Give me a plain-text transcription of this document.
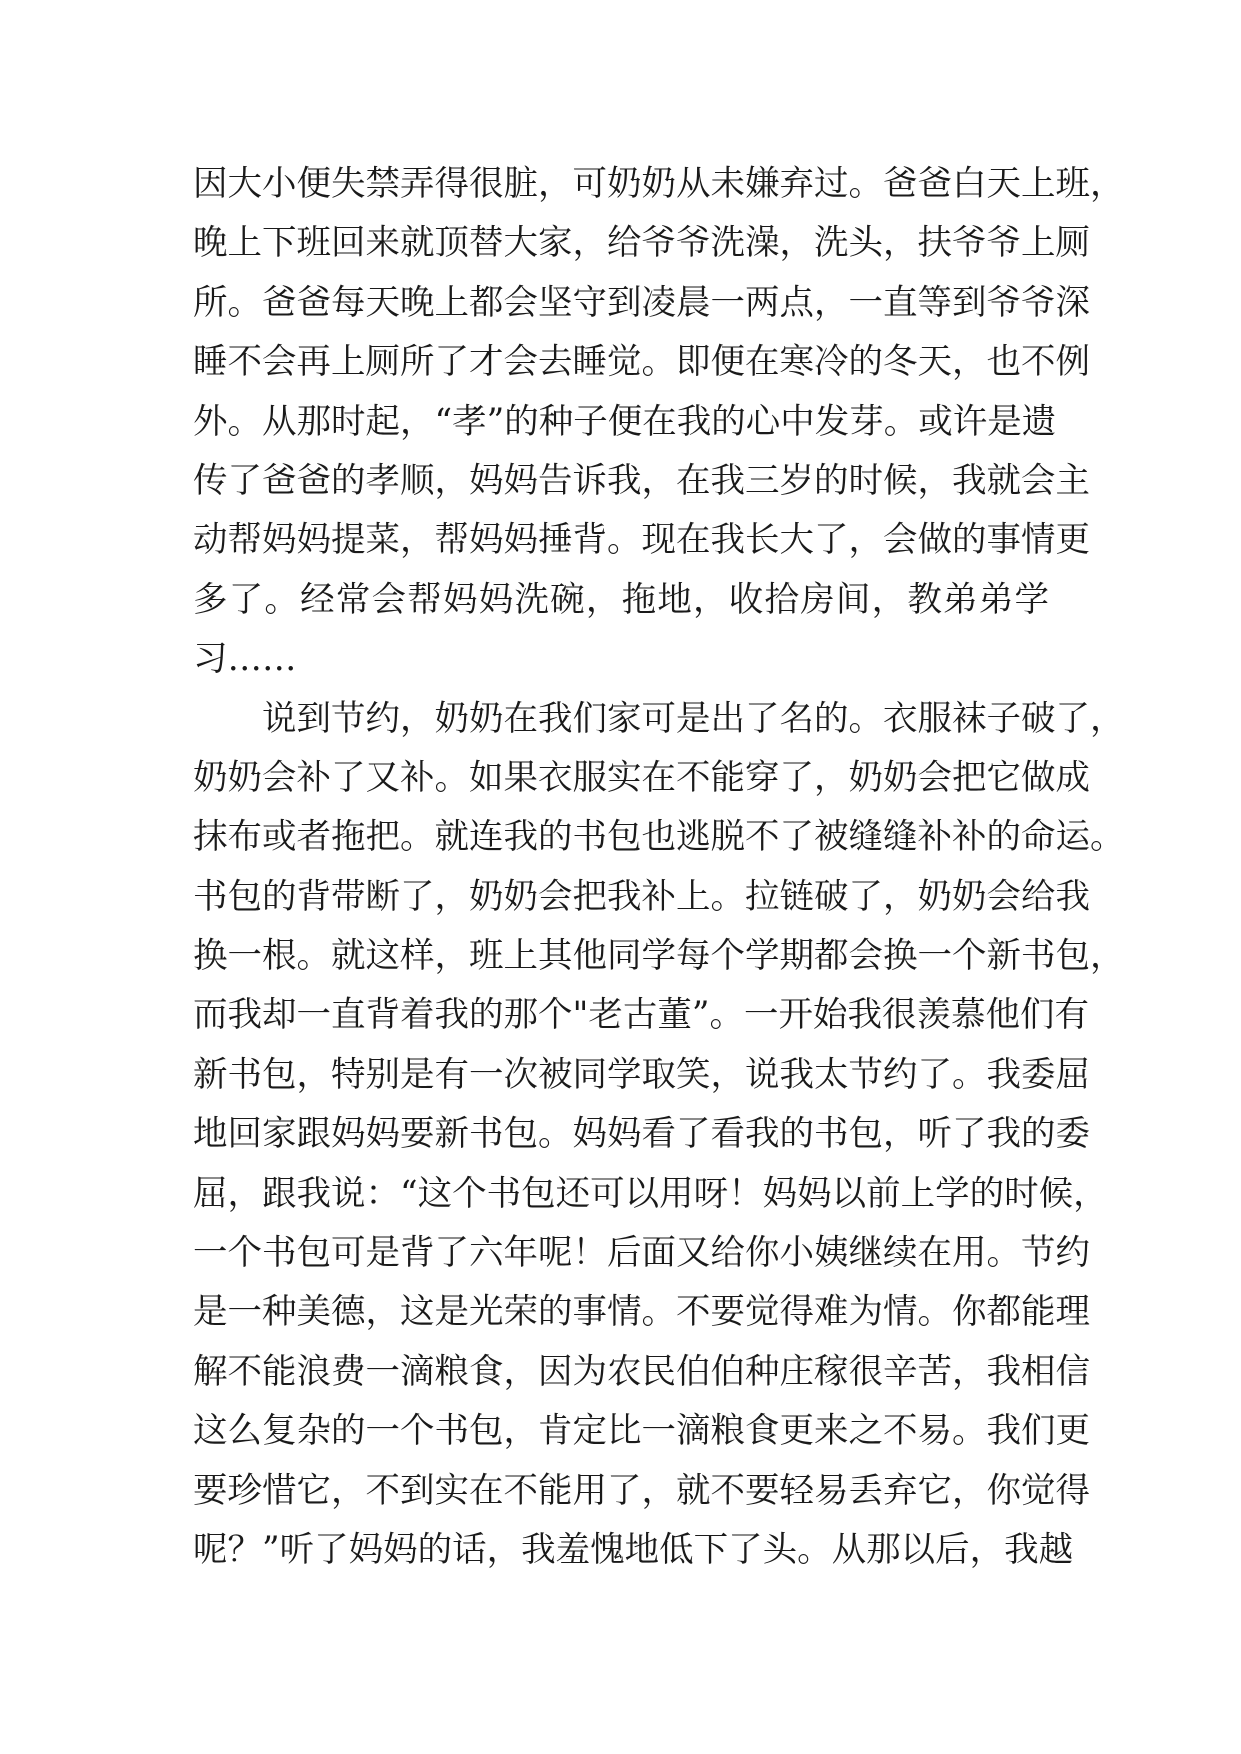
因大小便失禁弄得很脏，可奶奶从未嫌弃过。爸爸白天上班，
晚上下班回来就顶替大家，给爷爷洗澡，洗头，扶爷爷上厕
所。爸爸每天晚上都会坚守到凌晨一两点，一直等到爷爷深
睡不会再上厕所了才会去睡觉。即便在寒冷的冬天，也不例
外。从那时起，“孝”的种子便在我的心中发芽。或许是遗
传了爸爸的孝顺，妈妈告诉我，在我三岁的时候，我就会主
动帮妈妈提菜，帮妈妈捶背。现在我长大了，会做的事情更
多了。经常会帮妈妈洗碗，拖地，收拾房间，教弟弟学
习……
说到节约，奶奶在我们家可是出了名的。衣服袜子破了，
奶奶会补了又补。如果衣服实在不能穿了，奶奶会把它做成
抹布或者拖把。就连我的书包也逃脱不了被缝缝补补的命运。
书包的背带断了，奶奶会把我补上。拉链破了，奶奶会给我
换一根。就这样，班上其他同学每个学期都会换一个新书包，
而我却一直背着我的那个"老古董”。一开始我很羡慕他们有
新书包，特别是有一次被同学取笑，说我太节约了。我委屈
地回家跟妈妈要新书包。妈妈看了看我的书包，听了我的委
屈，跟我说：“这个书包还可以用呀！妈妈以前上学的时候，
一个书包可是背了六年呢！后面又给你小姨继续在用。节约
是一种美德，这是光荣的事情。不要觉得难为情。你都能理
解不能浪费一滴粮食，因为农民伯伯种庄稼很辛苦，我相信
这么复杂的一个书包，肯定比一滴粮食更来之不易。我们更
要珍惜它，不到实在不能用了，就不要轻易丢弃它，你觉得
呢？”听了妈妈的话，我羞愧地低下了头。从那以后，我越
